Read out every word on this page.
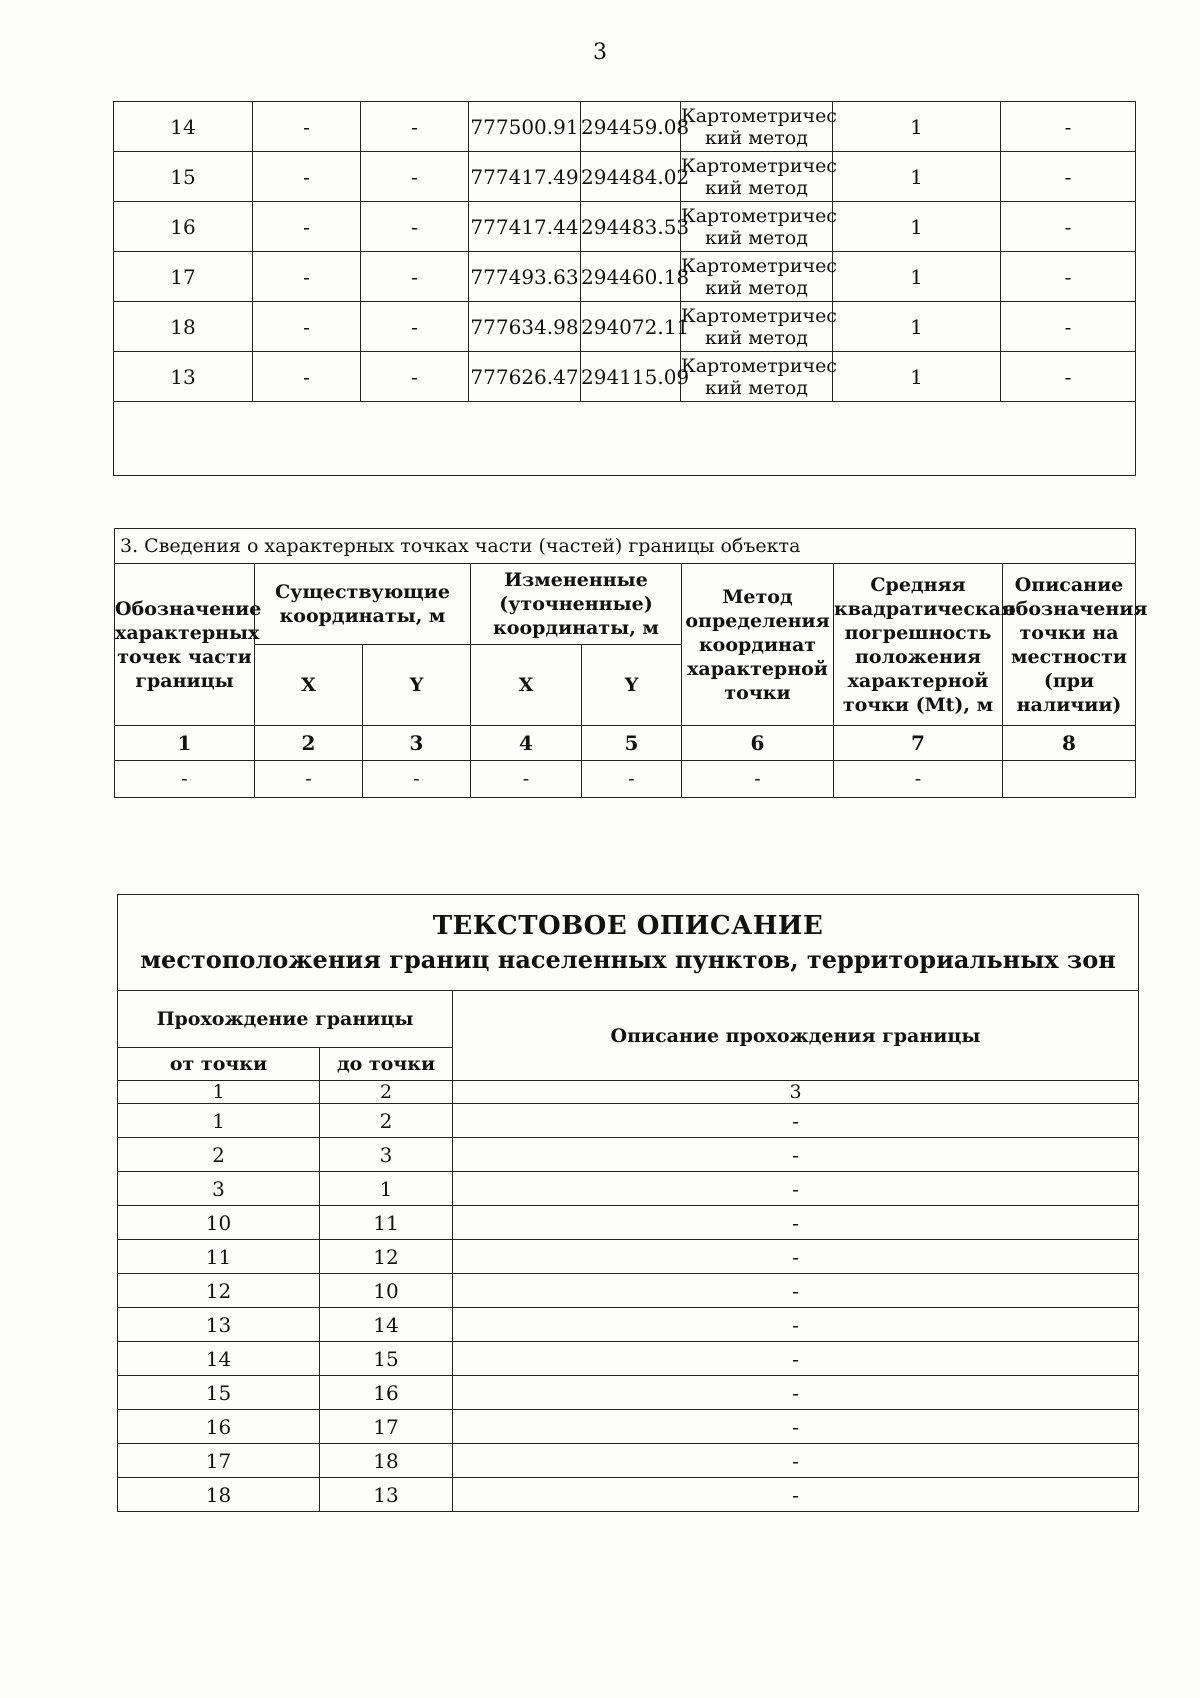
3
14	-	-	777500.91	294459.08	Картометричес кий метод	1	-
15	-	-	777417.49	294484.02	Картометричес кий метод	1	-
16	-	-	777417.44	294483.53	Картометричес кий метод	1	-
17	-	-	777493.63	294460.18	Картометричес кий метод	1	-
18	-	-	777634.98	294072.11	Картометричес кий метод	1	-
13	-	-	777626.47	294115.09	Картометричес кий метод	1	-

3. Сведения о характерных точках части (частей) границы объекта							
Обозначение характерных точек части границы	Существующие координаты, м		Измененные (уточненные) координаты, м		Метод определения координат характерной точки	Средняя квадратическая погрешность положения характерной точки (Mt), м	Описание обозначения точки на местности (при наличии)
	X	Y	X	Y			
1	2	3	4	5	6	7	8
-	-	-	-	-	-	-	
ТЕКСТОВОЕ ОПИСАНИЕ
местоположения границ населенных пунктов, территориальных зон		

Прохождение границы		Описание прохождения границы
от точки	до точки	
1	2	3
1	2	-
2	3	-
3	1	-
10	11	-
11	12	-
12	10	-
13	14	-
14	15	-
15	16	-
16	17	-
17	18	-
18	13	-
